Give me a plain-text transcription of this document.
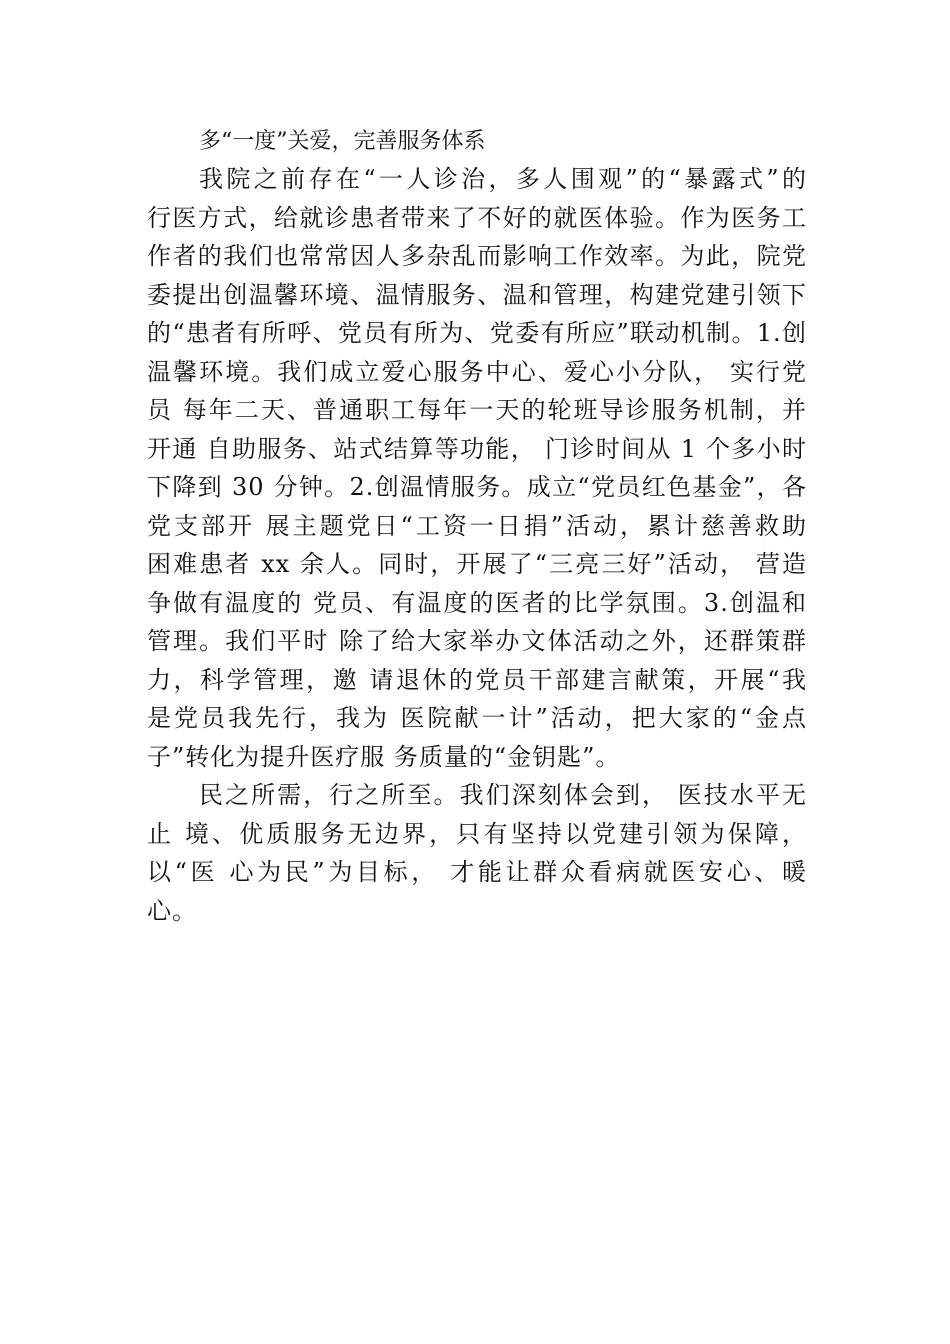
多“一度”关爱，完善服务体系
我院之前存在“一人诊治，多人围观”的“暴露式”的
行医方式，给就诊患者带来了不好的就医体验。作为医务工
作者的我们也常常因人多杂乱而影响工作效率。为此，院党
委提出创温馨环境、温情服务、温和管理，构建党建引领下
的“患者有所呼、党员有所为、党委有所应”联动机制。1.创
温馨环境。我们成立爱心服务中心、爱心小分队， 实行党
员 每年二天、普通职工每年一天的轮班导诊服务机制，并
开通 自助服务、站式结算等功能， 门诊时间从 1 个多小时
下降到 30 分钟。2.创温情服务。成立“党员红色基金”，各
党支部开 展主题党日“工资一日捐”活动，累计慈善救助
困难患者 xx 余人。同时，开展了“三亮三好”活动， 营造
争做有温度的 党员、有温度的医者的比学氛围。3.创温和
管理。我们平时 除了给大家举办文体活动之外，还群策群
力，科学管理，邀 请退休的党员干部建言献策，开展“我
是党员我先行，我为 医院献一计”活动，把大家的“金点
子”转化为提升医疗服 务质量的“金钥匙”。
民之所需，行之所至。我们深刻体会到， 医技水平无
止 境、优质服务无边界，只有坚持以党建引领为保障，
以“医 心为民”为目标， 才能让群众看病就医安心、暖
心。
